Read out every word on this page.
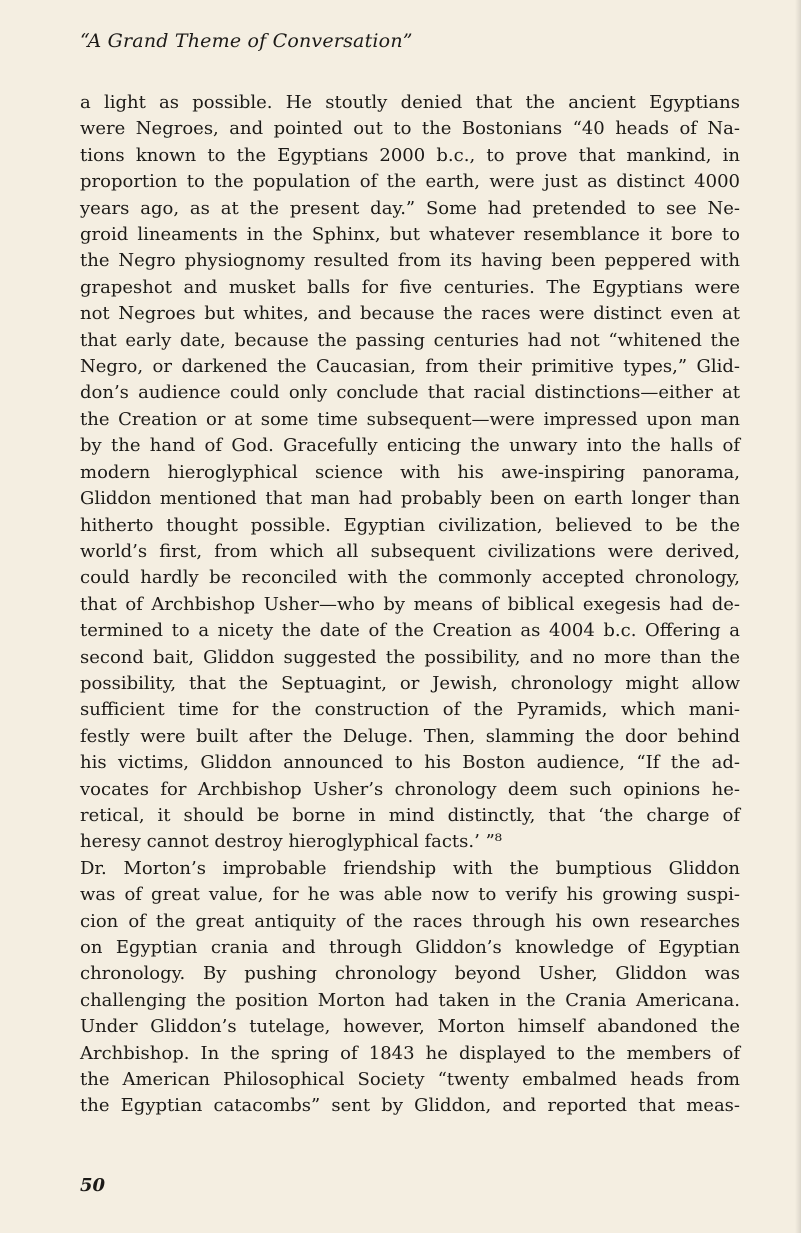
“A Grand Theme of Conversation”
a light as possible. He stoutly denied that the ancient Egyptians
were Negroes, and pointed out to the Bostonians “40 heads of Na-
tions known to the Egyptians 2000 b.c., to prove that mankind, in
proportion to the population of the earth, were just as distinct 4000
years ago, as at the present day.” Some had pretended to see Ne-
groid lineaments in the Sphinx, but whatever resemblance it bore to
the Negro physiognomy resulted from its having been peppered with
grapeshot and musket balls for five centuries. The Egyptians were
not Negroes but whites, and because the races were distinct even at
that early date, because the passing centuries had not “whitened the
Negro, or darkened the Caucasian, from their primitive types,” Glid-
don’s audience could only conclude that racial distinctions—either at
the Creation or at some time subsequent—were impressed upon man
by the hand of God. Gracefully enticing the unwary into the halls of
modern hieroglyphical science with his awe-inspiring panorama,
Gliddon mentioned that man had probably been on earth longer than
hitherto thought possible. Egyptian civilization, believed to be the
world’s first, from which all subsequent civilizations were derived,
could hardly be reconciled with the commonly accepted chronology,
that of Archbishop Usher—who by means of biblical exegesis had de-
termined to a nicety the date of the Creation as 4004 b.c. Offering a
second bait, Gliddon suggested the possibility, and no more than the
possibility, that the Septuagint, or Jewish, chronology might allow
sufficient time for the construction of the Pyramids, which mani-
festly were built after the Deluge. Then, slamming the door behind
his victims, Gliddon announced to his Boston audience, “If the ad-
vocates for Archbishop Usher’s chronology deem such opinions he-
retical, it should be borne in mind distinctly, that ‘the charge of
heresy cannot destroy hieroglyphical facts.’ ”⁸
Dr. Morton’s improbable friendship with the bumptious Gliddon
was of great value, for he was able now to verify his growing suspi-
cion of the great antiquity of the races through his own researches
on Egyptian crania and through Gliddon’s knowledge of Egyptian
chronology. By pushing chronology beyond Usher, Gliddon was
challenging the position Morton had taken in the Crania Americana.
Under Gliddon’s tutelage, however, Morton himself abandoned the
Archbishop. In the spring of 1843 he displayed to the members of
the American Philosophical Society “twenty embalmed heads from
the Egyptian catacombs” sent by Gliddon, and reported that meas-
50
